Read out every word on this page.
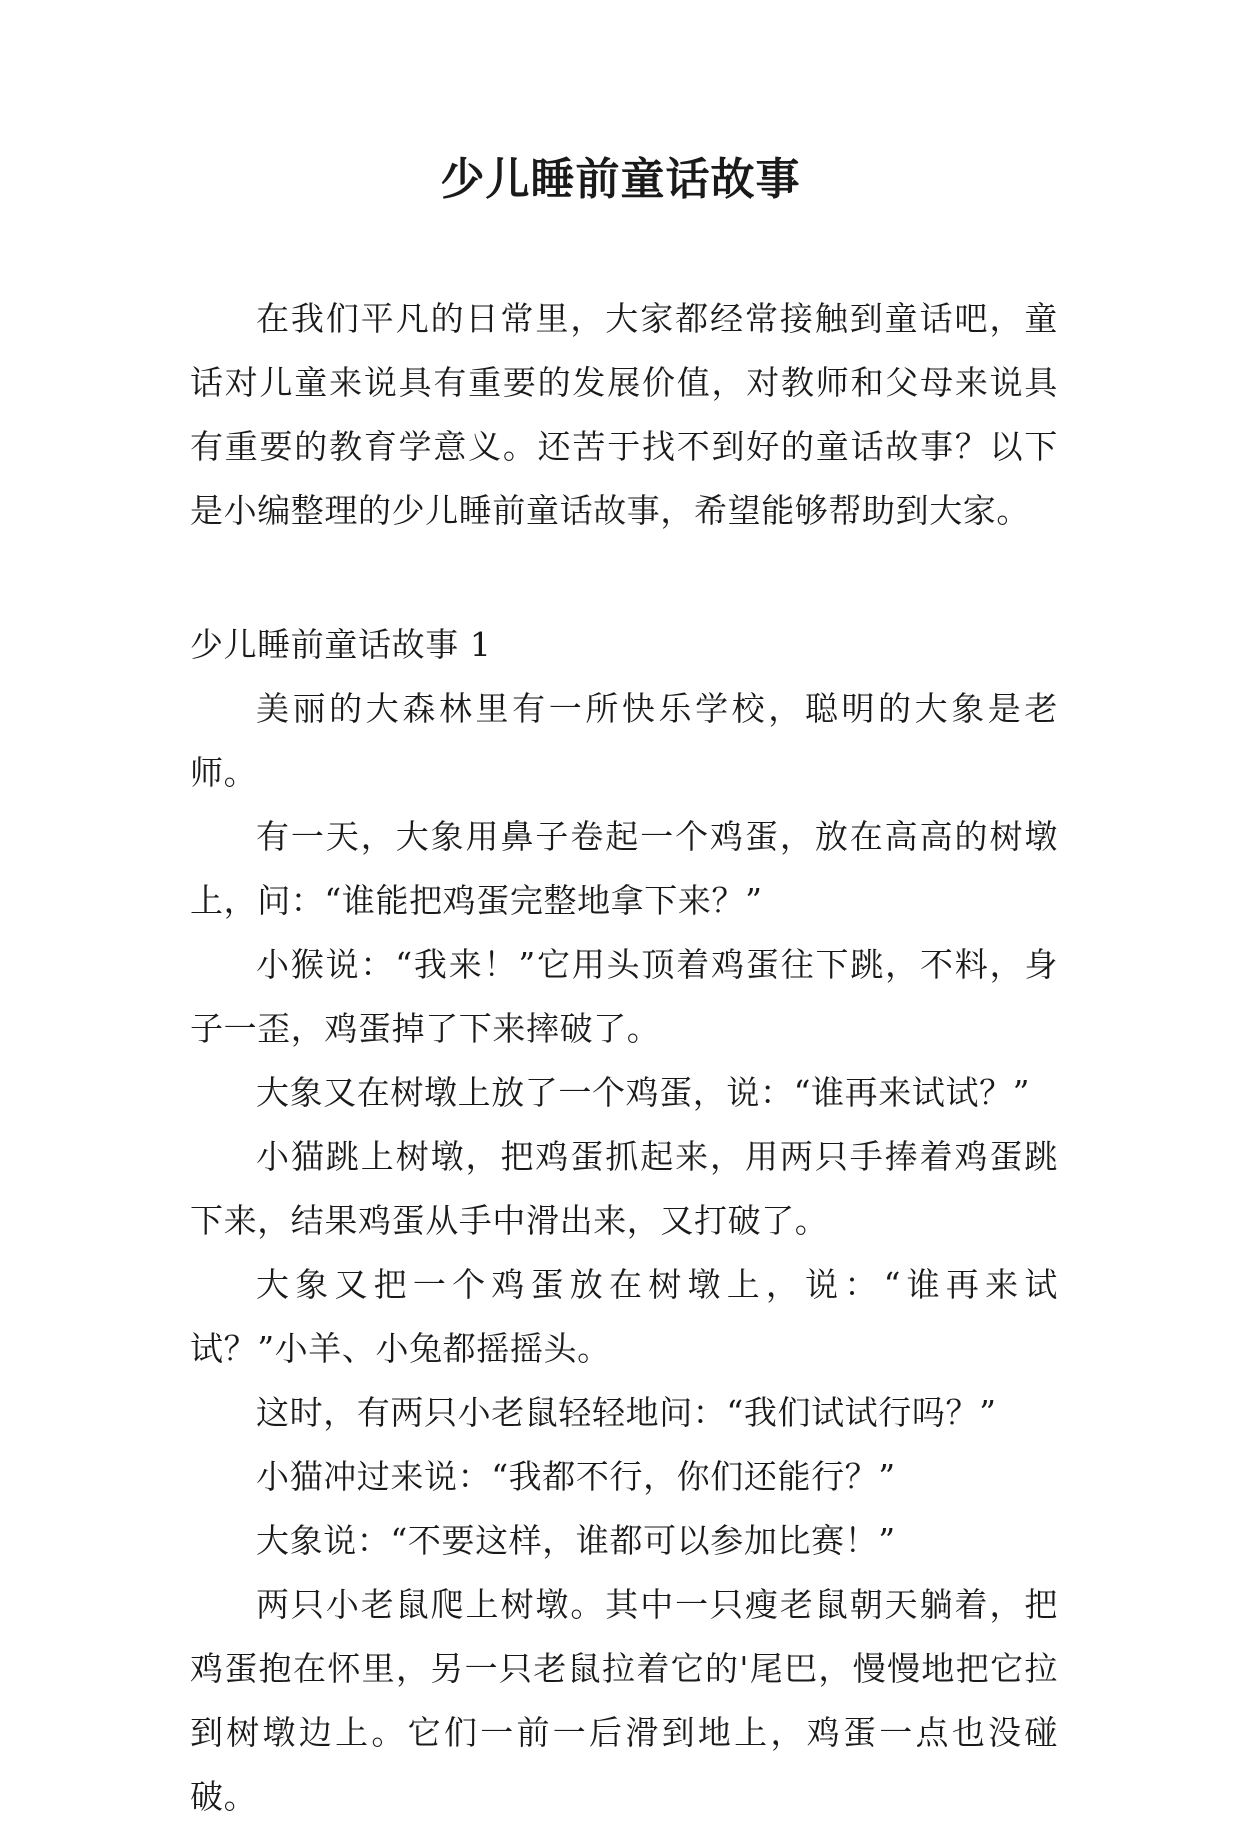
少儿睡前童话故事

在我们平凡的日常里，大家都经常接触到童话吧，童话对儿童来说具有重要的发展价值，对教师和父母来说具有重要的教育学意义。还苦于找不到好的童话故事？以下是小编整理的少儿睡前童话故事，希望能够帮助到大家。

少儿睡前童话故事 1

美丽的大森林里有一所快乐学校，聪明的大象是老师。

有一天，大象用鼻子卷起一个鸡蛋，放在高高的树墩上，问：“谁能把鸡蛋完整地拿下来？”

小猴说：“我来！”它用头顶着鸡蛋往下跳，不料，身子一歪，鸡蛋掉了下来摔破了。

大象又在树墩上放了一个鸡蛋，说：“谁再来试试？”

小猫跳上树墩，把鸡蛋抓起来，用两只手捧着鸡蛋跳下来，结果鸡蛋从手中滑出来，又打破了。

大象又把一个鸡蛋放在树墩上，说：“谁再来试试？”小羊、小兔都摇摇头。

这时，有两只小老鼠轻轻地问：“我们试试行吗？”

小猫冲过来说：“我都不行，你们还能行？”

大象说：“不要这样，谁都可以参加比赛！”

两只小老鼠爬上树墩。其中一只瘦老鼠朝天躺着，把鸡蛋抱在怀里，另一只老鼠拉着它的'尾巴，慢慢地把它拉到树墩边上。它们一前一后滑到地上，鸡蛋一点也没碰破。
